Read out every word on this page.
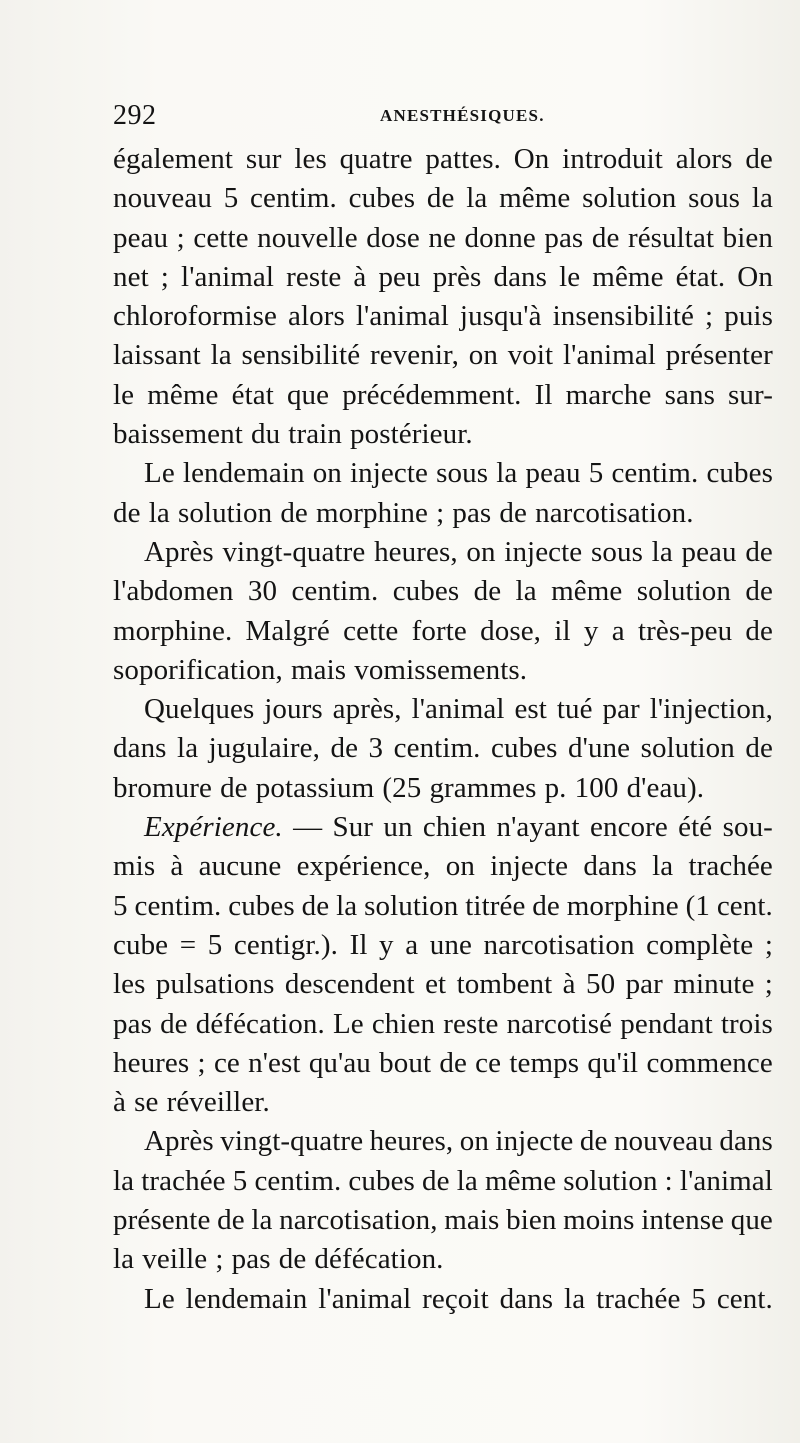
292	ANESTHÉSIQUES.
également sur les quatre pattes. On introduit alors de
nouveau 5 centim. cubes de la même solution sous la
peau ; cette nouvelle dose ne donne pas de résultat bien
net ; l'animal reste à peu près dans le même état. On
chloroformise alors l'animal jusqu'à insensibilité ; puis
laissant la sensibilité revenir, on voit l'animal présenter
le même état que précédemment. Il marche sans sur-
baissement du train postérieur.
Le lendemain on injecte sous la peau 5 centim. cubes
de la solution de morphine ; pas de narcotisation.
Après vingt-quatre heures, on injecte sous la peau de
l'abdomen 30 centim. cubes de la même solution de
morphine. Malgré cette forte dose, il y a très-peu de
soporification, mais vomissements.
Quelques jours après, l'animal est tué par l'injection,
dans la jugulaire, de 3 centim. cubes d'une solution de
bromure de potassium (25 grammes p. 100 d'eau).
Expérience. — Sur un chien n'ayant encore été sou-
mis à aucune expérience, on injecte dans la trachée
5 centim. cubes de la solution titrée de morphine (1 cent.
cube = 5 centigr.). Il y a une narcotisation complète ;
les pulsations descendent et tombent à 50 par minute ;
pas de défécation. Le chien reste narcotisé pendant trois
heures ; ce n'est qu'au bout de ce temps qu'il commence
à se réveiller.
Après vingt-quatre heures, on injecte de nouveau dans
la trachée 5 centim. cubes de la même solution : l'animal
présente de la narcotisation, mais bien moins intense que
la veille ; pas de défécation.
Le lendemain l'animal reçoit dans la trachée 5 cent.
